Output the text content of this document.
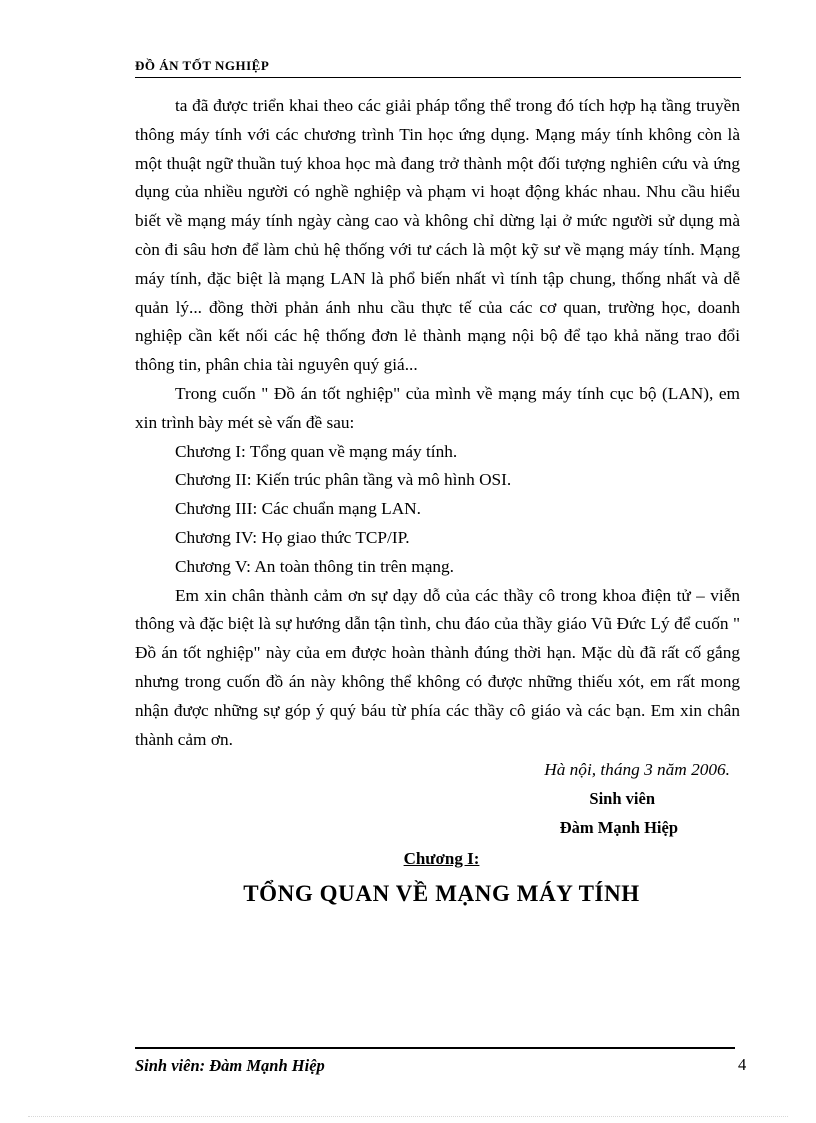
ĐỒ ÁN TỐT NGHIỆP

ta đã được triển khai theo các giải pháp tổng thể trong đó tích hợp hạ tầng truyền thông máy tính với các chương trình Tin học ứng dụng. Mạng máy tính không còn là một thuật ngữ thuần tuý khoa học mà đang trở thành một đối tượng nghiên cứu và ứng dụng của nhiều người có nghề nghiệp và phạm vi hoạt động khác nhau. Nhu cầu hiểu biết về mạng máy tính ngày càng cao và không chỉ dừng lại ở mức người sử dụng mà còn đi sâu hơn để làm chủ hệ thống với tư cách là một kỹ sư về mạng máy tính. Mạng máy tính, đặc biệt là mạng LAN là phổ biến nhất vì tính tập chung, thống nhất và dễ quản lý... đồng thời phản ánh nhu cầu thực tế của các cơ quan, trường học, doanh nghiệp cần kết nối các hệ thống đơn lẻ thành mạng nội bộ để tạo khả năng trao đổi thông tin, phân chia tài nguyên quý giá...

Trong cuốn " Đồ án tốt nghiệp" của mình về mạng máy tính cục bộ (LAN), em xin trình bày mét sè vấn đề sau:

Chương I: Tổng quan về mạng máy tính.

Chương II: Kiến trúc phân tầng và mô hình OSI.

Chương III: Các chuẩn mạng LAN.

Chương IV: Họ giao thức TCP/IP.

Chương V: An toàn thông tin trên mạng.

Em xin chân thành cảm ơn sự dạy dỗ của các thầy cô trong khoa điện tử – viễn thông và đặc biệt là sự hướng dẫn tận tình, chu đáo của thầy giáo Vũ Đức Lý để cuốn " Đồ án tốt nghiệp" này của em được hoàn thành đúng thời hạn. Mặc dù đã rất cố gắng nhưng trong cuốn đồ án này không thể không có được những thiếu xót, em rất mong nhận được những sự góp ý quý báu từ phía các thầy cô giáo và các bạn. Em xin chân thành cảm ơn.

Hà nội, tháng 3 năm 2006.

Sinh viên

Đàm Mạnh Hiệp

Chương I:

TỔNG QUAN VỀ MẠNG MÁY TÍNH

Sinh viên: Đàm Mạnh Hiệp	4
